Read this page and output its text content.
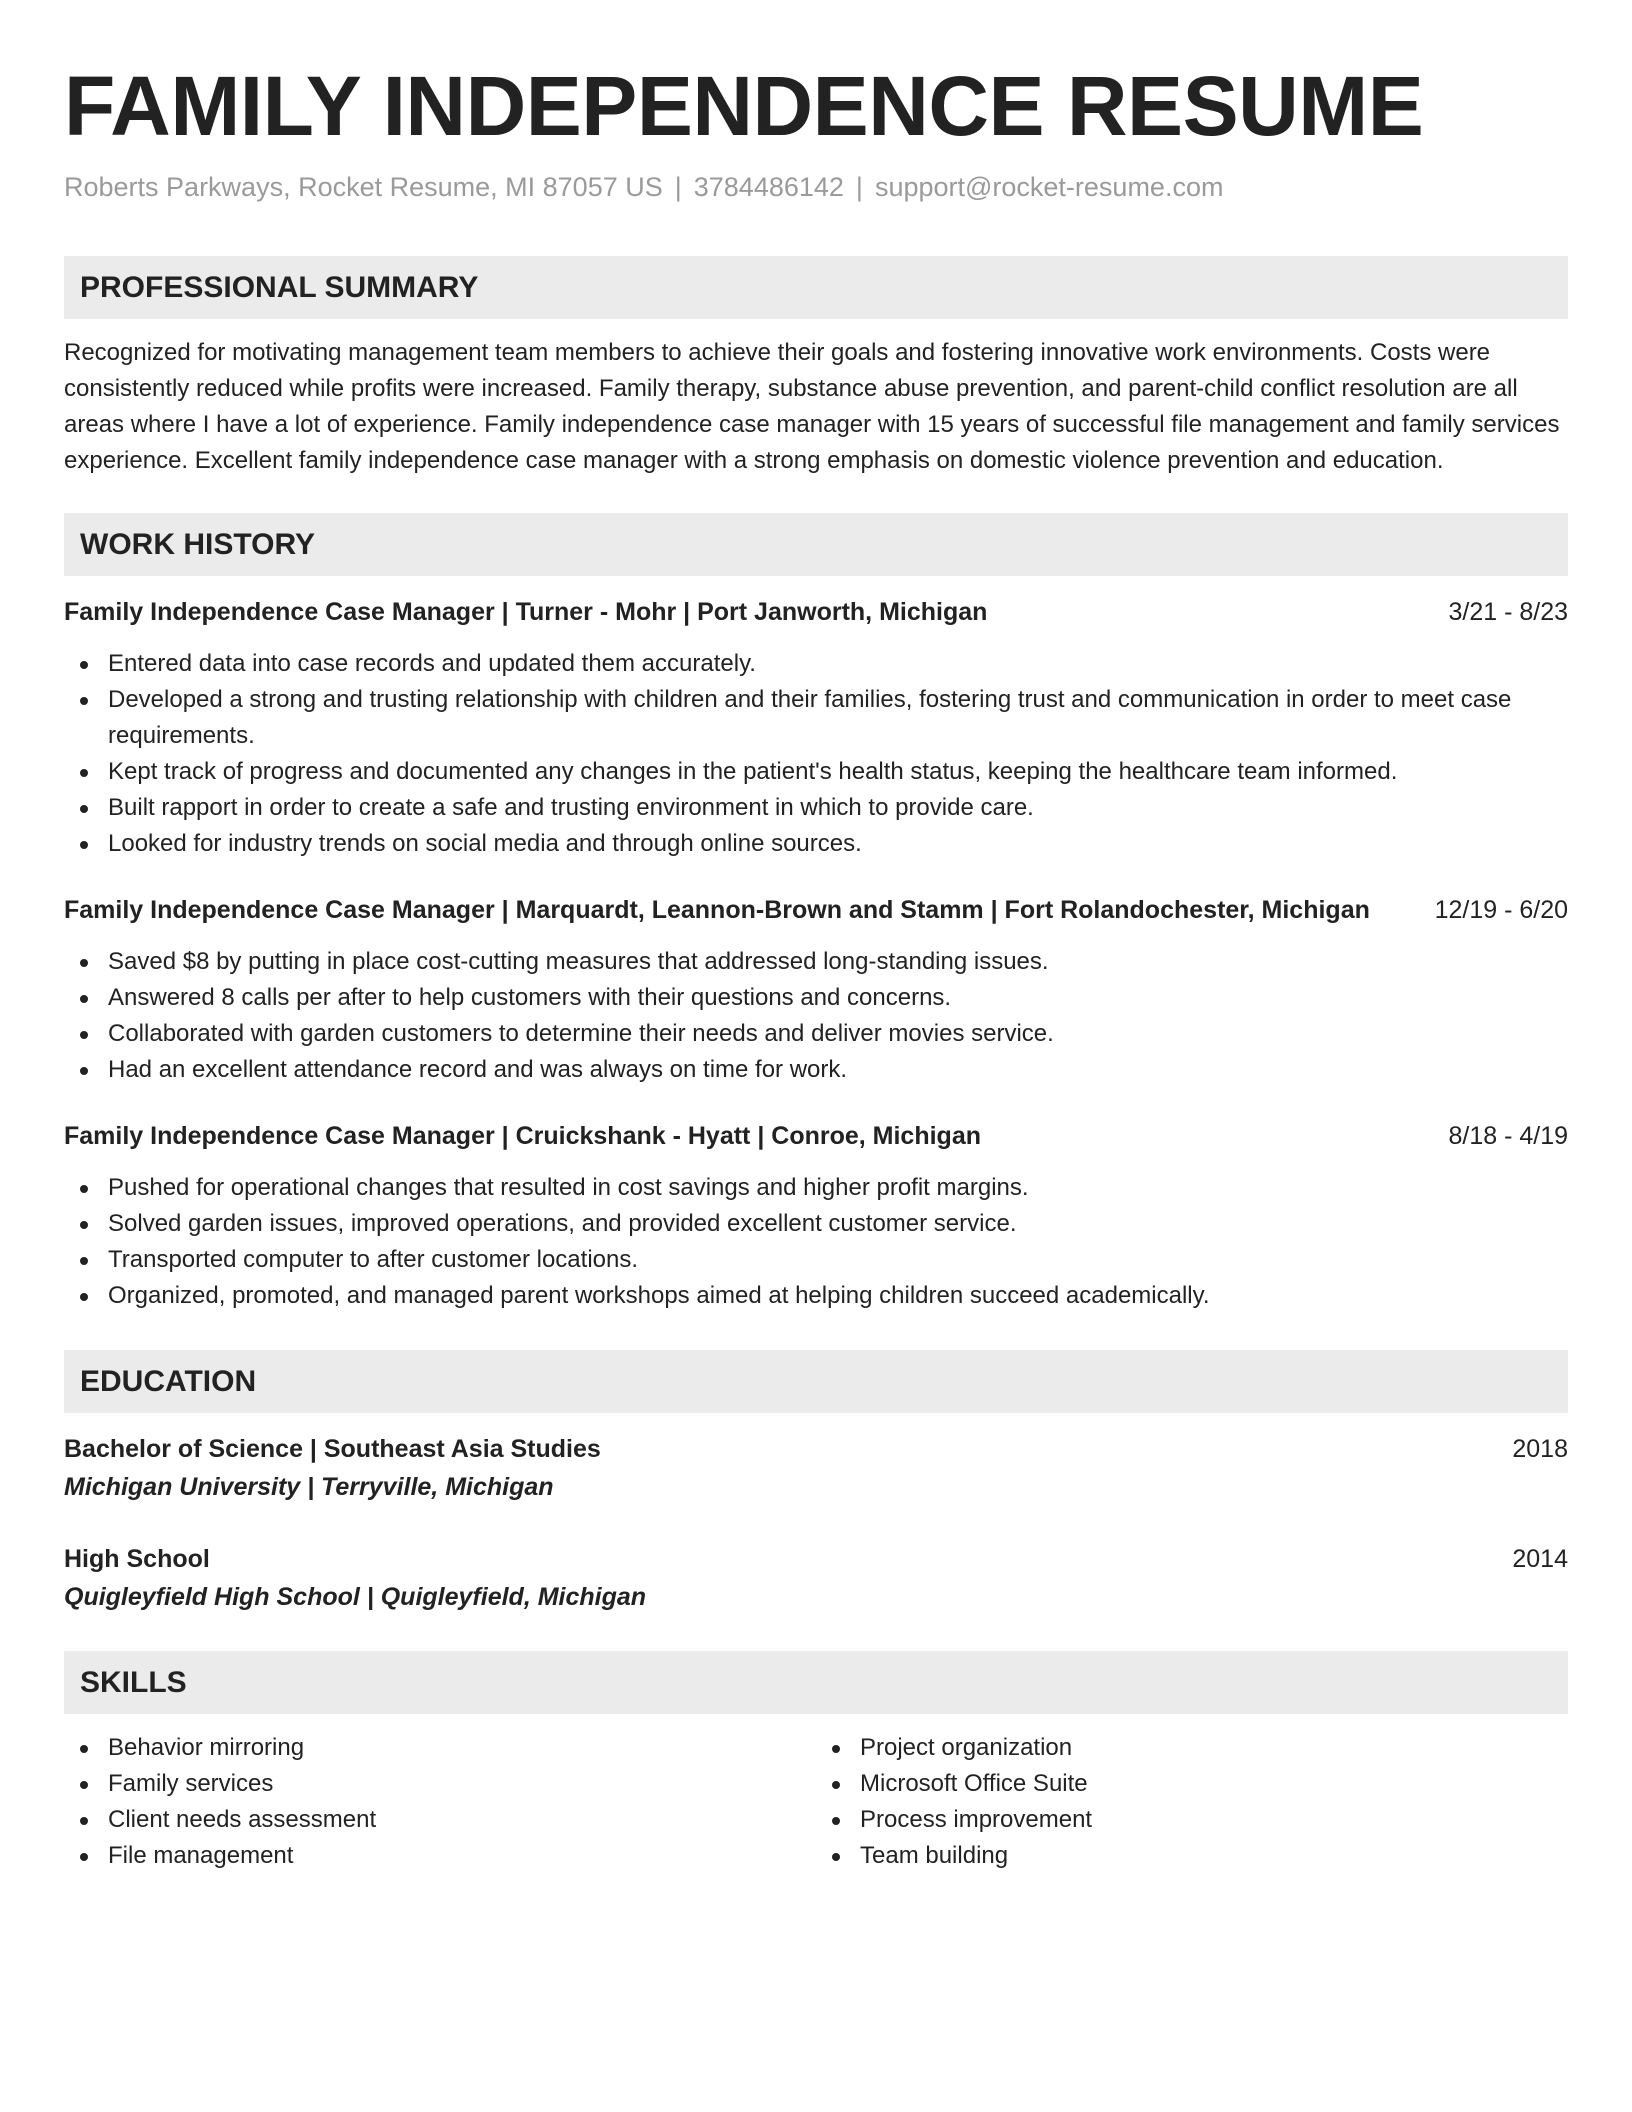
FAMILY INDEPENDENCE RESUME
Roberts Parkways, Rocket Resume, MI 87057 US | 3784486142 | support@rocket-resume.com
PROFESSIONAL SUMMARY
Recognized for motivating management team members to achieve their goals and fostering innovative work environments. Costs were consistently reduced while profits were increased. Family therapy, substance abuse prevention, and parent-child conflict resolution are all areas where I have a lot of experience. Family independence case manager with 15 years of successful file management and family services experience. Excellent family independence case manager with a strong emphasis on domestic violence prevention and education.
WORK HISTORY
Family Independence Case Manager | Turner - Mohr | Port Janworth, Michigan	3/21 - 8/23
Entered data into case records and updated them accurately.
Developed a strong and trusting relationship with children and their families, fostering trust and communication in order to meet case requirements.
Kept track of progress and documented any changes in the patient's health status, keeping the healthcare team informed.
Built rapport in order to create a safe and trusting environment in which to provide care.
Looked for industry trends on social media and through online sources.
Family Independence Case Manager | Marquardt, Leannon-Brown and Stamm | Fort Rolandochester, Michigan	12/19 - 6/20
Saved $8 by putting in place cost-cutting measures that addressed long-standing issues.
Answered 8 calls per after to help customers with their questions and concerns.
Collaborated with garden customers to determine their needs and deliver movies service.
Had an excellent attendance record and was always on time for work.
Family Independence Case Manager | Cruickshank - Hyatt | Conroe, Michigan	8/18 - 4/19
Pushed for operational changes that resulted in cost savings and higher profit margins.
Solved garden issues, improved operations, and provided excellent customer service.
Transported computer to after customer locations.
Organized, promoted, and managed parent workshops aimed at helping children succeed academically.
EDUCATION
Bachelor of Science | Southeast Asia Studies	2018
Michigan University | Terryville, Michigan
High School	2014
Quigleyfield High School | Quigleyfield, Michigan
SKILLS
Behavior mirroring
Family services
Client needs assessment
File management
Project organization
Microsoft Office Suite
Process improvement
Team building
